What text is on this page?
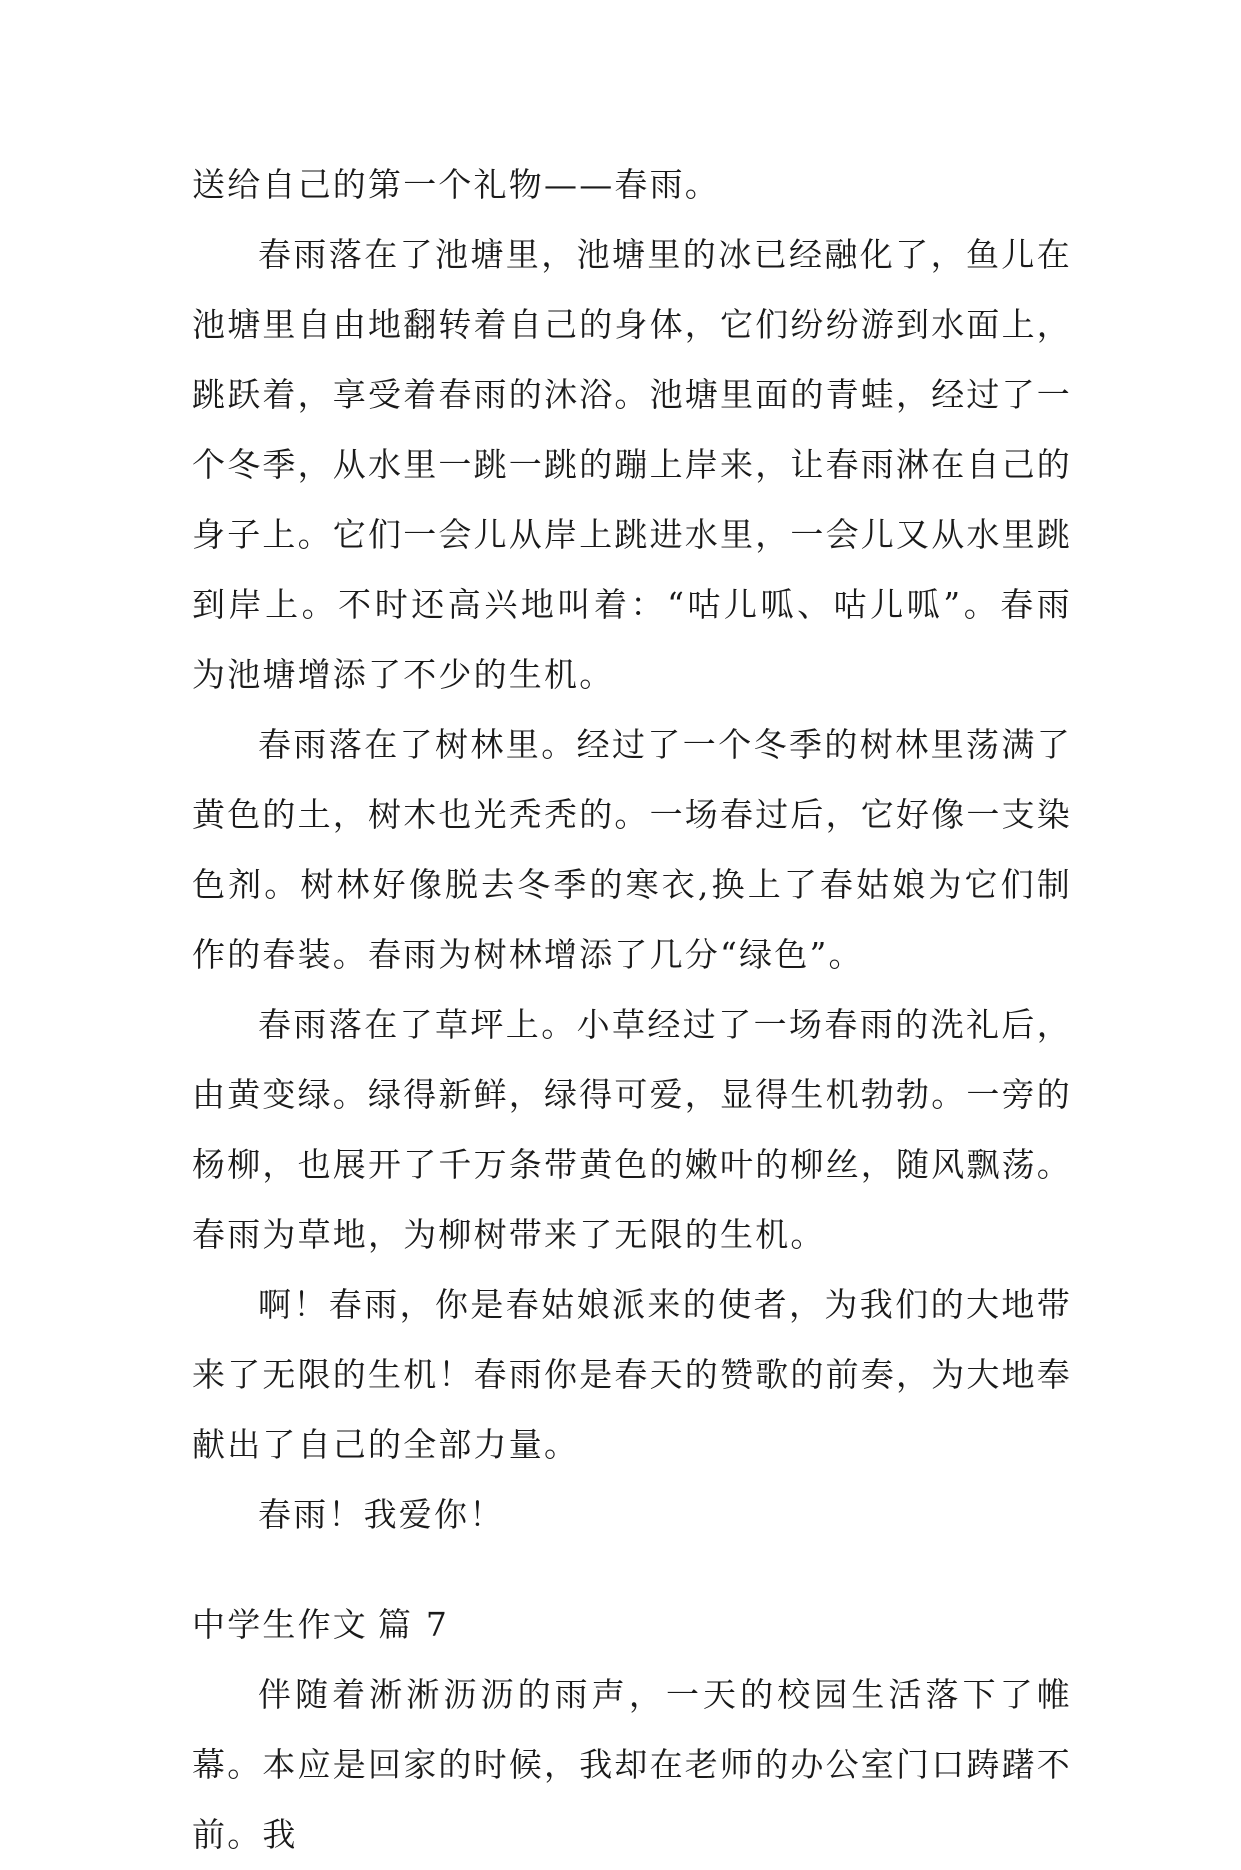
送给自己的第一个礼物——春雨。

春雨落在了池塘里，池塘里的冰已经融化了，鱼儿在池塘里自由地翻转着自己的身体，它们纷纷游到水面上，跳跃着，享受着春雨的沐浴。池塘里面的青蛙，经过了一个冬季，从水里一跳一跳的蹦上岸来，让春雨淋在自己的身子上。它们一会儿从岸上跳进水里，一会儿又从水里跳到岸上。不时还高兴地叫着：“咕儿呱、咕儿呱”。春雨为池塘增添了不少的生机。

春雨落在了树林里。经过了一个冬季的树林里荡满了黄色的土，树木也光秃秃的。一场春过后，它好像一支染色剂。树林好像脱去冬季的寒衣,换上了春姑娘为它们制作的春装。春雨为树林增添了几分“绿色”。

春雨落在了草坪上。小草经过了一场春雨的洗礼后，由黄变绿。绿得新鲜，绿得可爱，显得生机勃勃。一旁的杨柳，也展开了千万条带黄色的嫩叶的柳丝，随风飘荡。春雨为草地，为柳树带来了无限的生机。

啊！春雨，你是春姑娘派来的使者，为我们的大地带来了无限的生机！春雨你是春天的赞歌的前奏，为大地奉献出了自己的全部力量。

春雨！我爱你！

中学生作文 篇 7

伴随着淅淅沥沥的雨声，一天的校园生活落下了帷幕。本应是回家的时候，我却在老师的办公室门口踌躇不前。我
